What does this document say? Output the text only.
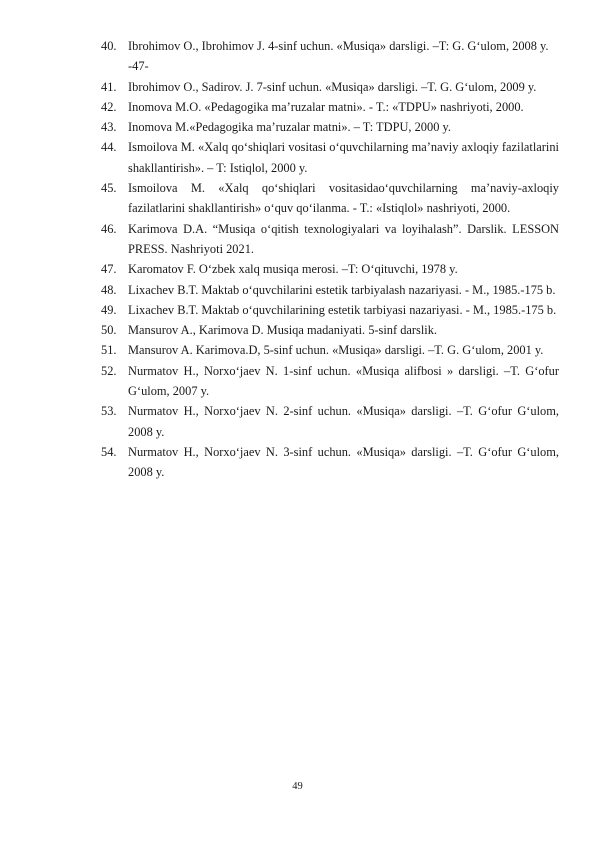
40. Ibrohimov O., Ibrohimov J. 4-sinf uchun. «Musiqa» darsligi. –T: G. G‘ulom, 2008 y.
-47-
41. Ibrohimov O., Sadirov. J. 7-sinf uchun. «Musiqa» darsligi. –T. G. G‘ulom, 2009 y.
42. Inomova M.O. «Pedagogika ma’ruzalar matni». - T.: «TDPU» nashriyoti, 2000.
43. Inomova M.«Pedagogika ma’ruzalar matni». – T: TDPU, 2000 y.
44. Ismoilova M. «Xalq qo‘shiqlari vositasi o‘quvchilarning ma’naviy axloqiy fazilatlarini shakllantirish». – T: Istiqlol, 2000 y.
45. Ismoilova M. «Xalq qo‘shiqlari vositasidao‘quvchilarning ma’naviy-axloqiy fazilatlarini shakllantirish» o‘quv qo‘ilanma. - T.: «Istiqlol» nashriyoti, 2000.
46. Karimova D.A. “Musiqa o‘qitish texnologiyalari va loyihalash”. Darslik. LESSON PRESS. Nashriyoti 2021.
47. Karomatov F. O‘zbek xalq musiqa merosi. –T: O‘qituvchi, 1978 y.
48. Lixachev B.T. Maktab o‘quvchilarini estetik tarbiyalash nazariyasi. - M., 1985.-175 b.
49. Lixachev B.T. Maktab o‘quvchilarining estetik tarbiyasi nazariyasi. - M., 1985.-175 b.
50. Mansurov A., Karimova D. Musiqa madaniyati. 5-sinf darslik.
51. Mansurov A. Karimova.D, 5-sinf uchun. «Musiqa» darsligi. –T. G. G‘ulom, 2001 y.
52. Nurmatov H., Norxo‘jaev N. 1-sinf uchun. «Musiqa alifbosi » darsligi. –T. G‘ofur G‘ulom, 2007 y.
53. Nurmatov H., Norxo‘jaev N. 2-sinf uchun. «Musiqa» darsligi. –T. G‘ofur G‘ulom, 2008 y.
54. Nurmatov H., Norxo‘jaev N. 3-sinf uchun. «Musiqa» darsligi. –T. G‘ofur G‘ulom, 2008 y.
49
